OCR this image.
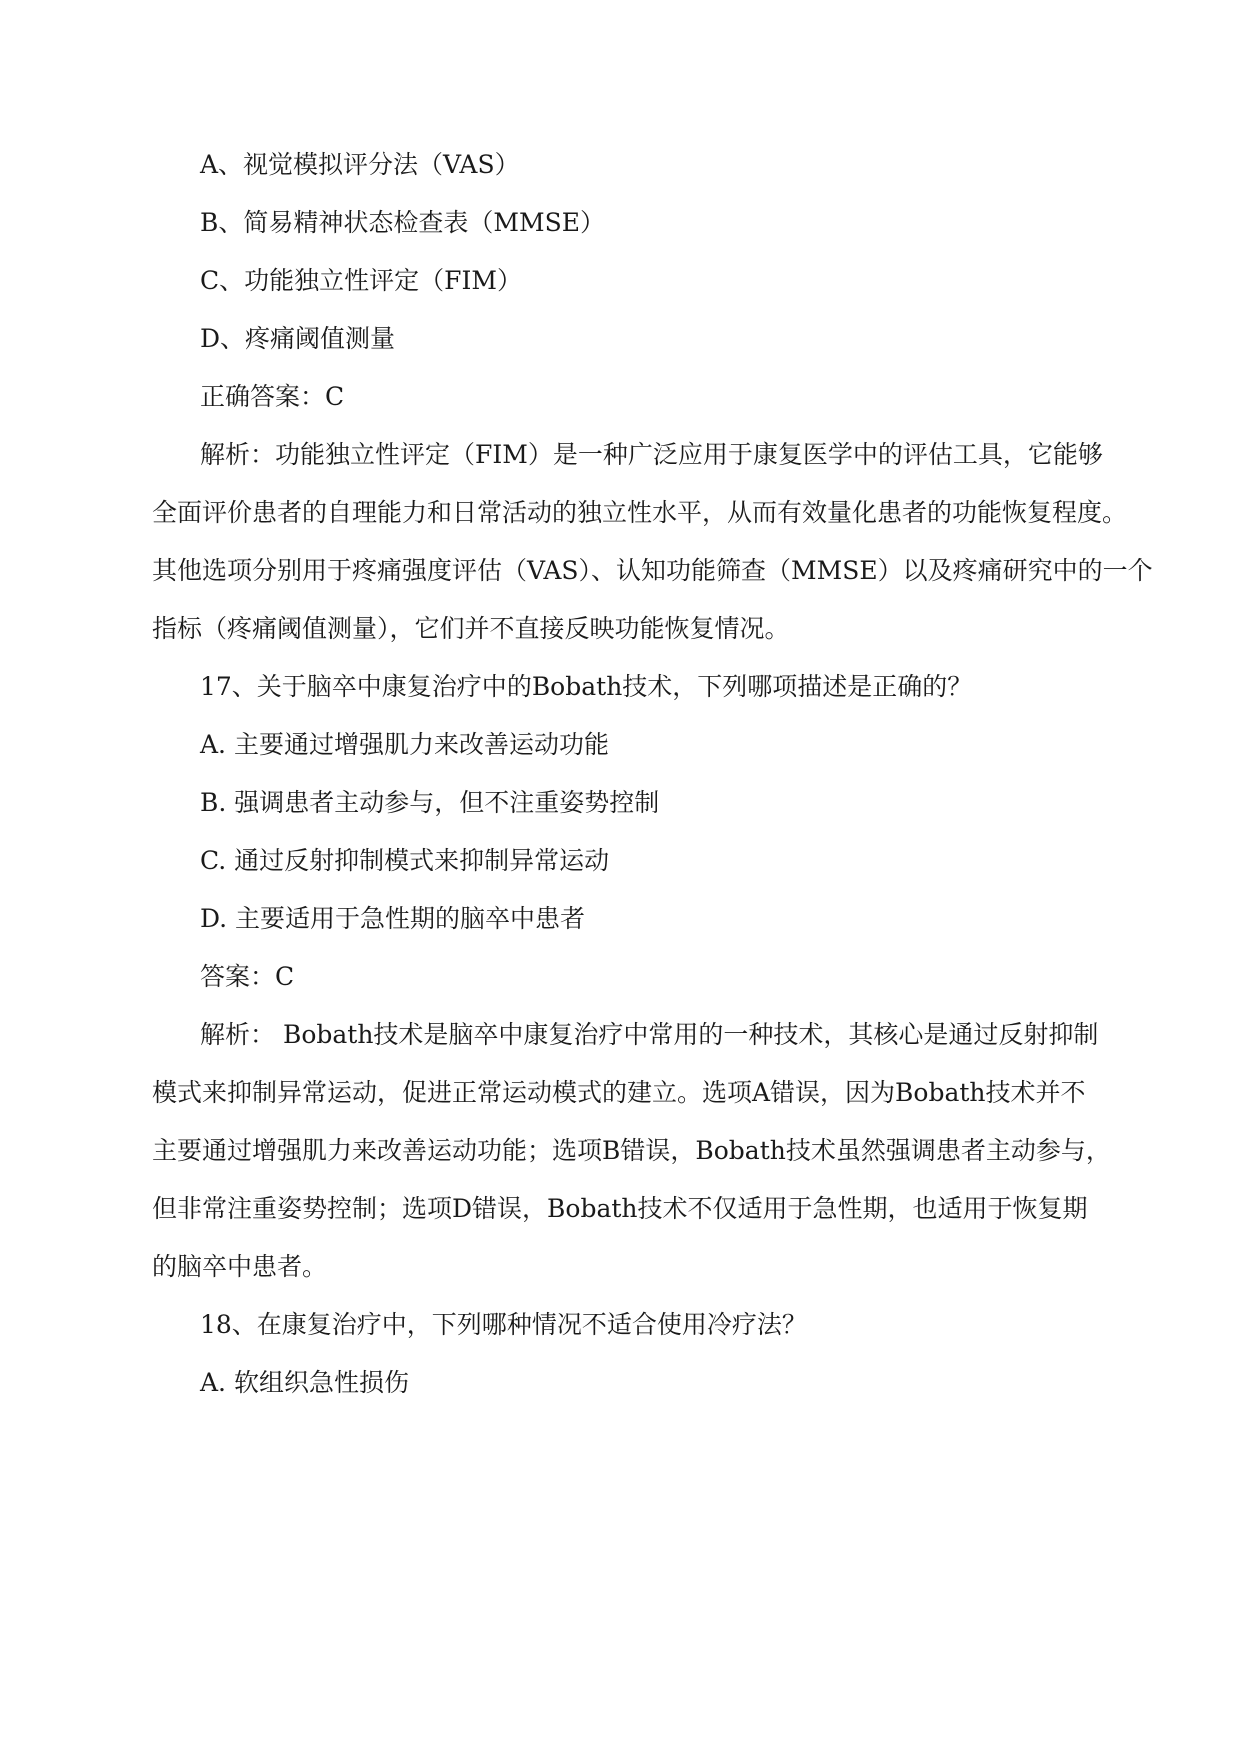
A、视觉模拟评分法（VAS）
B、简易精神状态检查表（MMSE）
C、功能独立性评定（FIM）
D、疼痛阈值测量
正确答案：C
解析：功能独立性评定（FIM）是一种广泛应用于康复医学中的评估工具，它能够
全面评价患者的自理能力和日常活动的独立性水平，从而有效量化患者的功能恢复程度。
其他选项分别用于疼痛强度评估（VAS）、认知功能筛查（MMSE）以及疼痛研究中的一个
指标（疼痛阈值测量），它们并不直接反映功能恢复情况。
17、关于脑卒中康复治疗中的Bobath技术，下列哪项描述是正确的？
A. 主要通过增强肌力来改善运动功能
B. 强调患者主动参与，但不注重姿势控制
C. 通过反射抑制模式来抑制异常运动
D. 主要适用于急性期的脑卒中患者
答案：C
解析： Bobath技术是脑卒中康复治疗中常用的一种技术，其核心是通过反射抑制
模式来抑制异常运动，促进正常运动模式的建立。选项A错误，因为Bobath技术并不
主要通过增强肌力来改善运动功能；选项B错误，Bobath技术虽然强调患者主动参与，
但非常注重姿势控制；选项D错误，Bobath技术不仅适用于急性期，也适用于恢复期
的脑卒中患者。
18、在康复治疗中，下列哪种情况不适合使用冷疗法？
A. 软组织急性损伤
